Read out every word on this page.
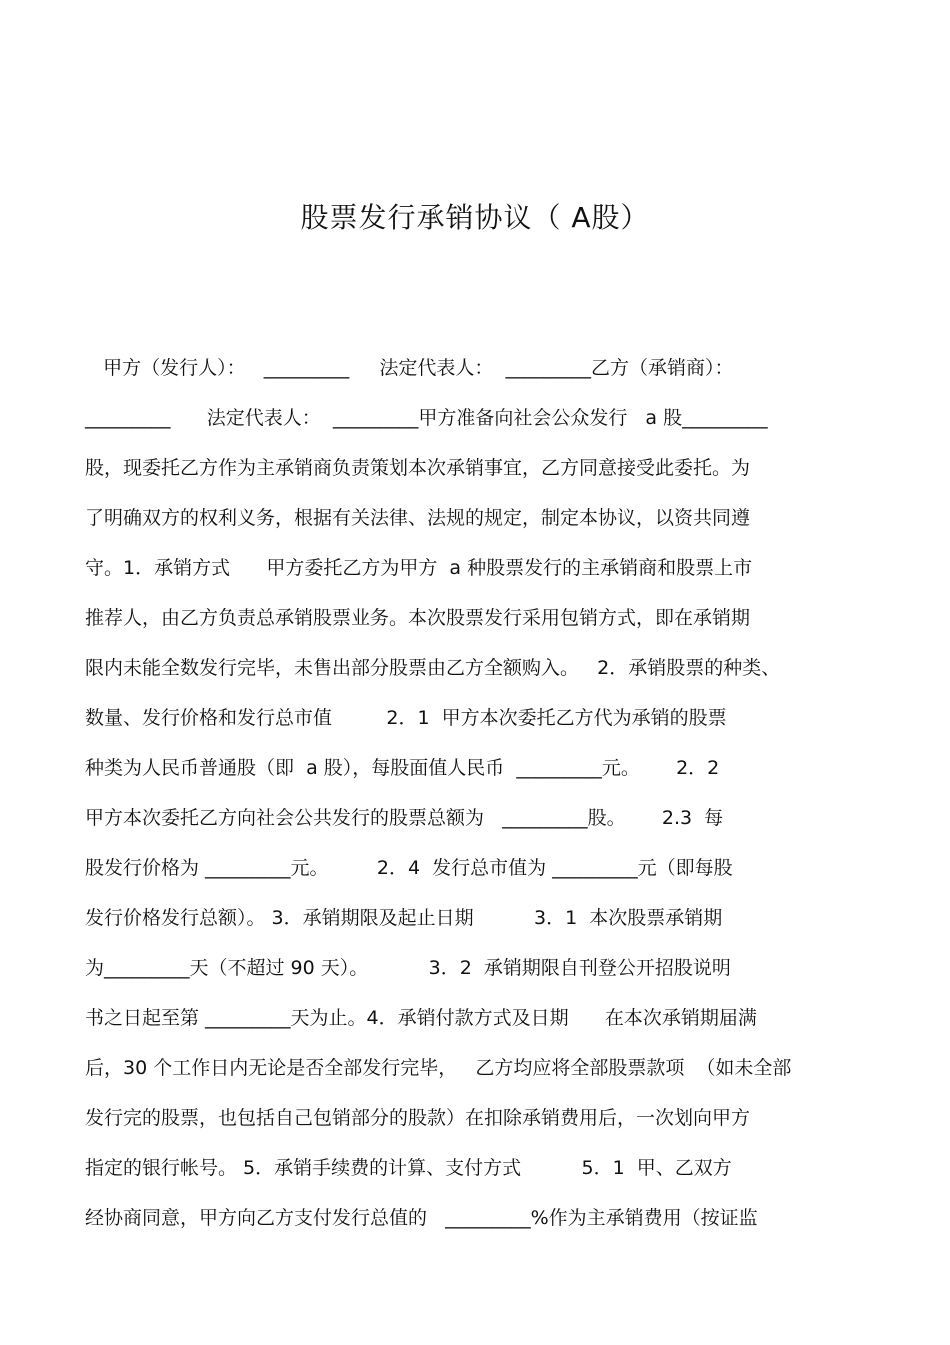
股票发行承销协议（ A股）
甲方（发行人）：   _________     法定代表人：  _________乙方（承销商）：
_________      法定代表人：  _________甲方准备向社会公众发行   a 股_________
股，现委托乙方作为主承销商负责策划本次承销事宜，乙方同意接受此委托。为
了明确双方的权利义务，根据有关法律、法规的规定，制定本协议，以资共同遵
守。1．承销方式      甲方委托乙方为甲方  a 种股票发行的主承销商和股票上市
推荐人，由乙方负责总承销股票业务。本次股票发行采用包销方式，即在承销期
限内未能全数发行完毕，未售出部分股票由乙方全额购入。   2．承销股票的种类、
数量、发行价格和发行总市值         2．1  甲方本次委托乙方代为承销的股票
种类为人民币普通股（即  a 股），每股面值人民币  _________元。      2．2
甲方本次委托乙方向社会公共发行的股票总额为   _________股。      2.3  每
股发行价格为 _________元。        2．4  发行总市值为 _________元（即每股
发行价格发行总额）。 3．承销期限及起止日期          3．1  本次股票承销期
为_________天（不超过 90 天）。          3．2  承销期限自刊登公开招股说明
书之日起至第 _________天为止。4．承销付款方式及日期      在本次承销期届满
后，30 个工作日内无论是否全部发行完毕，   乙方均应将全部股票款项  （如未全部
发行完的股票，也包括自己包销部分的股款）在扣除承销费用后，一次划向甲方
指定的银行帐号。 5．承销手续费的计算、支付方式          5．1  甲、乙双方
经协商同意，甲方向乙方支付发行总值的   _________%作为主承销费用（按证监
